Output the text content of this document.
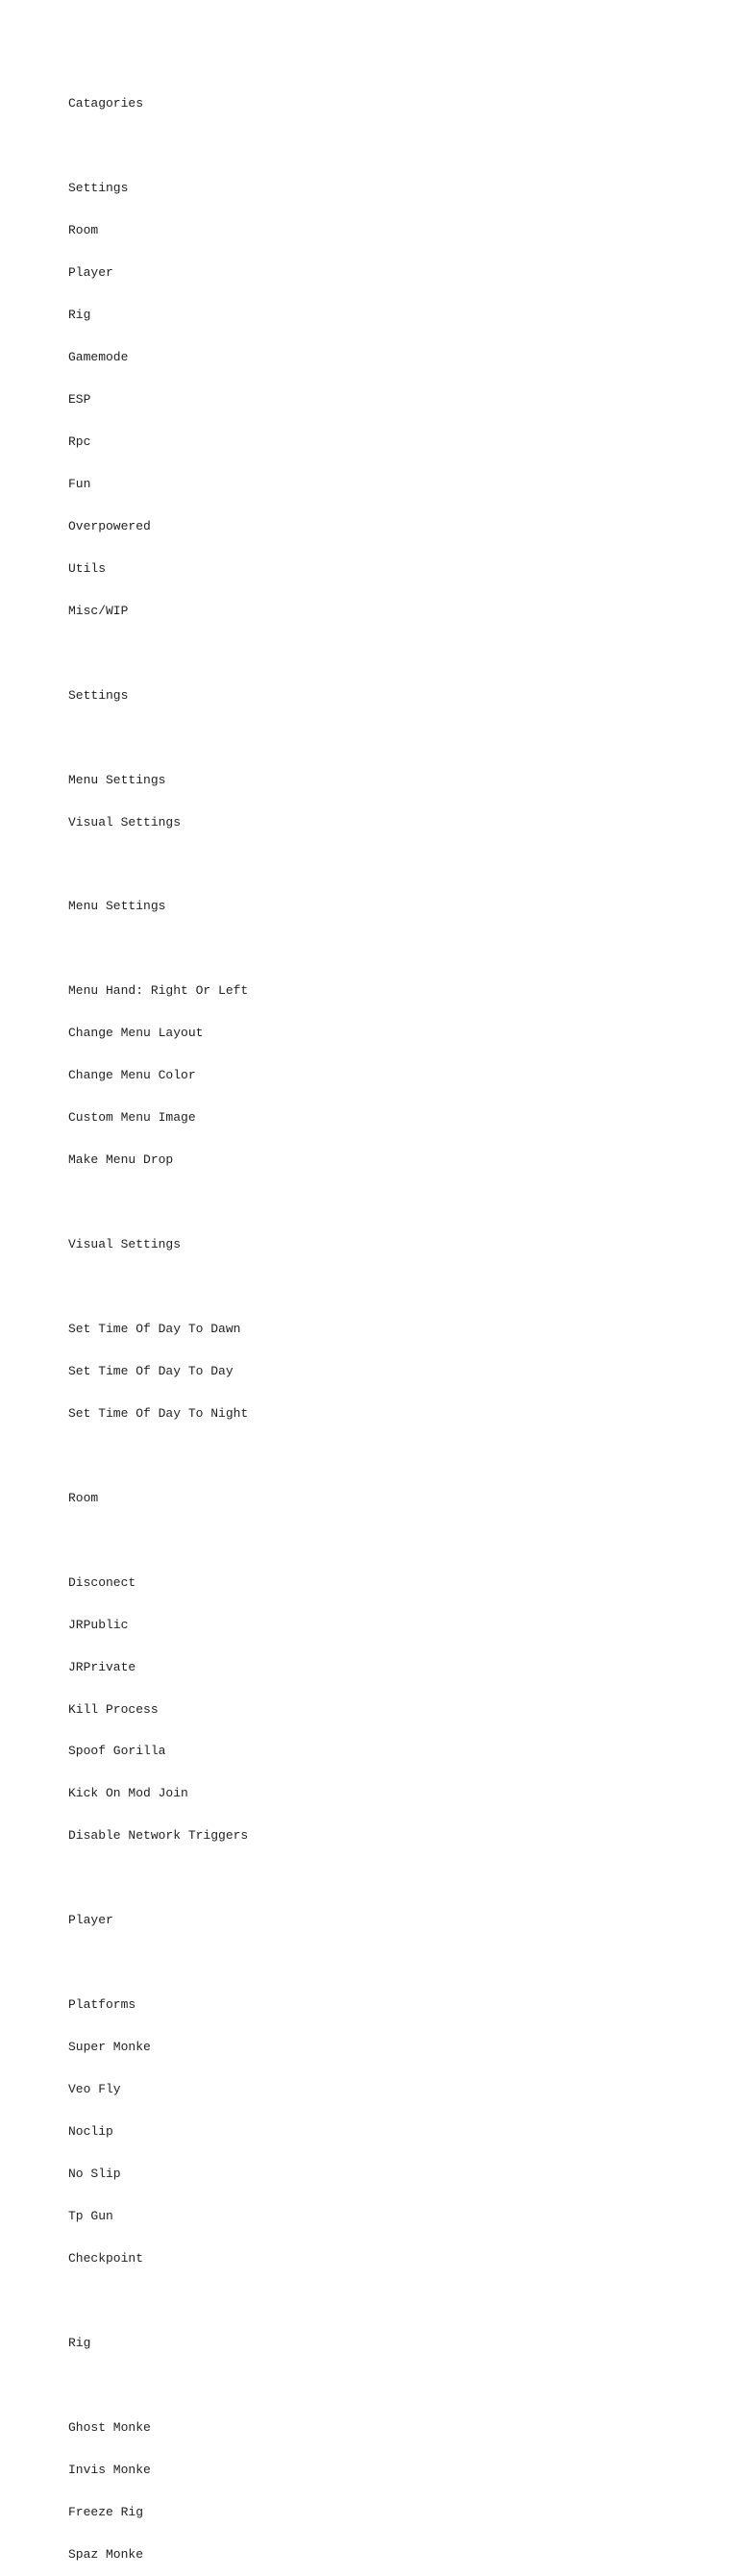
Catagories

Settings

Room

Player

Rig

Gamemode

ESP

Rpc

Fun

Overpowered

Utils

Misc/WIP

Settings

Menu Settings

Visual Settings

Menu Settings

Menu Hand: Right Or Left

Change Menu Layout

Change Menu Color

Custom Menu Image

Make Menu Drop

Visual Settings

Set Time Of Day To Dawn

Set Time Of Day To Day

Set Time Of Day To Night

Room

Disconect

JRPublic

JRPrivate

Kill Process

Spoof Gorilla

Kick On Mod Join

Disable Network Triggers

Player

Platforms

Super Monke

Veo Fly

Noclip

No Slip

Tp Gun

Checkpoint

Rig

Ghost Monke

Invis Monke

Freeze Rig

Spaz Monke
